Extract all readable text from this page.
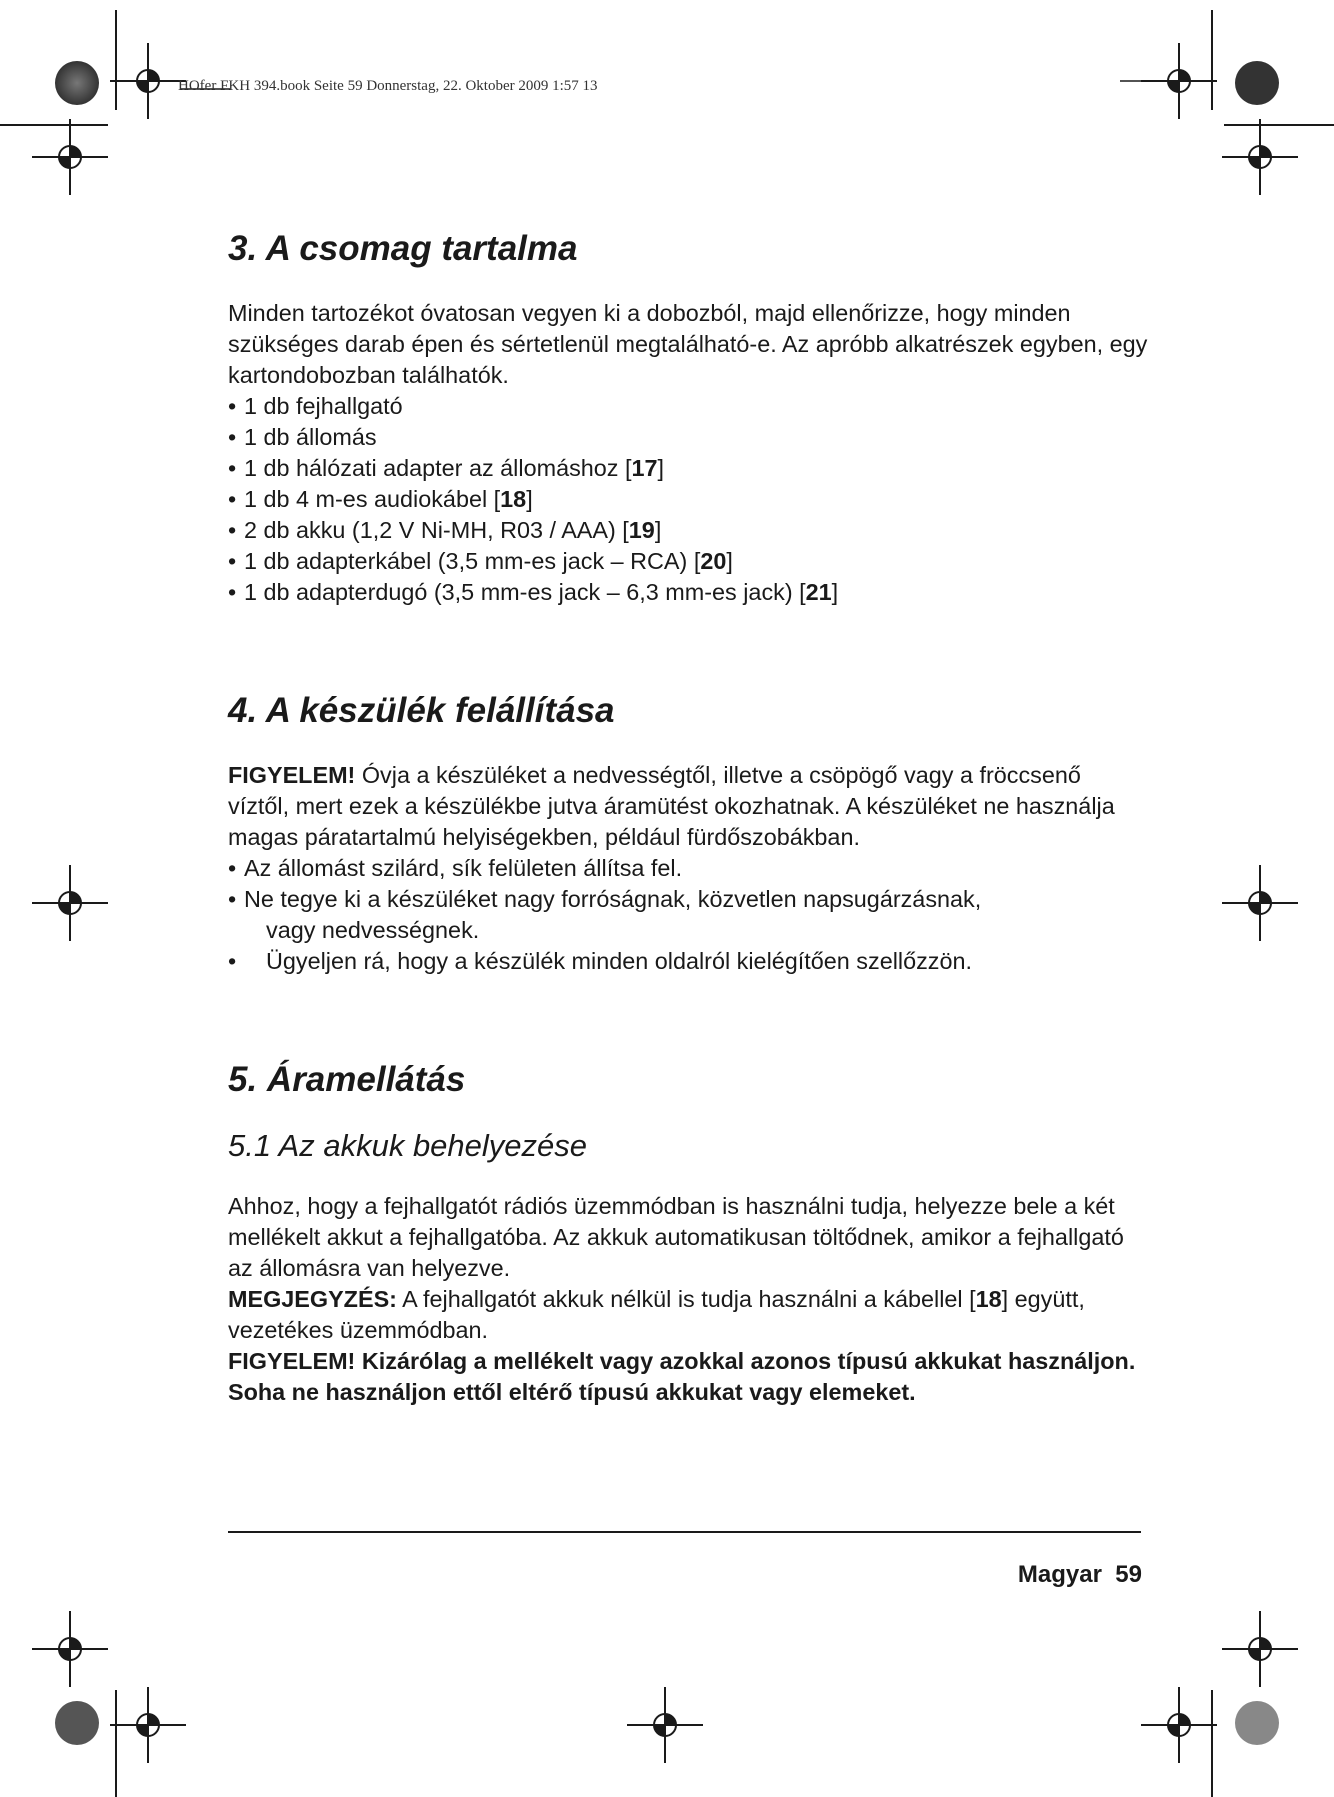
HOfer FKH 394.book Seite 59 Donnerstag, 22. Oktober 2009 1:57 13
3. A csomag tartalma

Minden tartozékot óvatosan vegyen ki a dobozból, majd ellenőrizze, hogy minden szükséges darab épen és sértetlenül megtalálható-e. Az apróbb alkatrészek egyben, egy kartondobozban találhatók.

• 1 db fejhallgató
• 1 db állomás
• 1 db hálózati adapter az állomáshoz [17]
• 1 db 4 m-es audiokábel [18]
• 2 db akku (1,2 V Ni-MH, R03 / AAA) [19]
• 1 db adapterkábel (3,5 mm-es jack – RCA) [20]
• 1 db adapterdugó (3,5 mm-es jack – 6,3 mm-es jack) [21]
4. A készülék felállítása

FIGYELEM! Óvja a készüléket a nedvességtől, illetve a csöpögő vagy a fröccsenő víztől, mert ezek a készülékbe jutva áramütést okozhatnak. A készüléket ne használja magas páratartalmú helyiségekben, például fürdőszobákban.

• Az állomást szilárd, sík felületen állítsa fel.
• Ne tegye ki a készüléket nagy forróságnak, közvetlen napsugárzásnak,
vagy nedvességnek.
• Ügyeljen rá, hogy a készülék minden oldalról kielégítően szellőzzön.
5. Áramellátás
5.1 Az akkuk behelyezése

Ahhoz, hogy a fejhallgatót rádiós üzemmódban is használni tudja, helyezze bele a két mellékelt akkut a fejhallgatóba. Az akkuk automatikusan töltődnek, amikor a fejhallgató az állomásra van helyezve.

MEGJEGYZÉS: A fejhallgatót akkuk nélkül is tudja használni a kábellel [18] együtt, vezetékes üzemmódban.

FIGYELEM! Kizárólag a mellékelt vagy azokkal azonos típusú akkukat használjon. Soha ne használjon ettől eltérő típusú akkukat vagy elemeket.

Magyar 59
